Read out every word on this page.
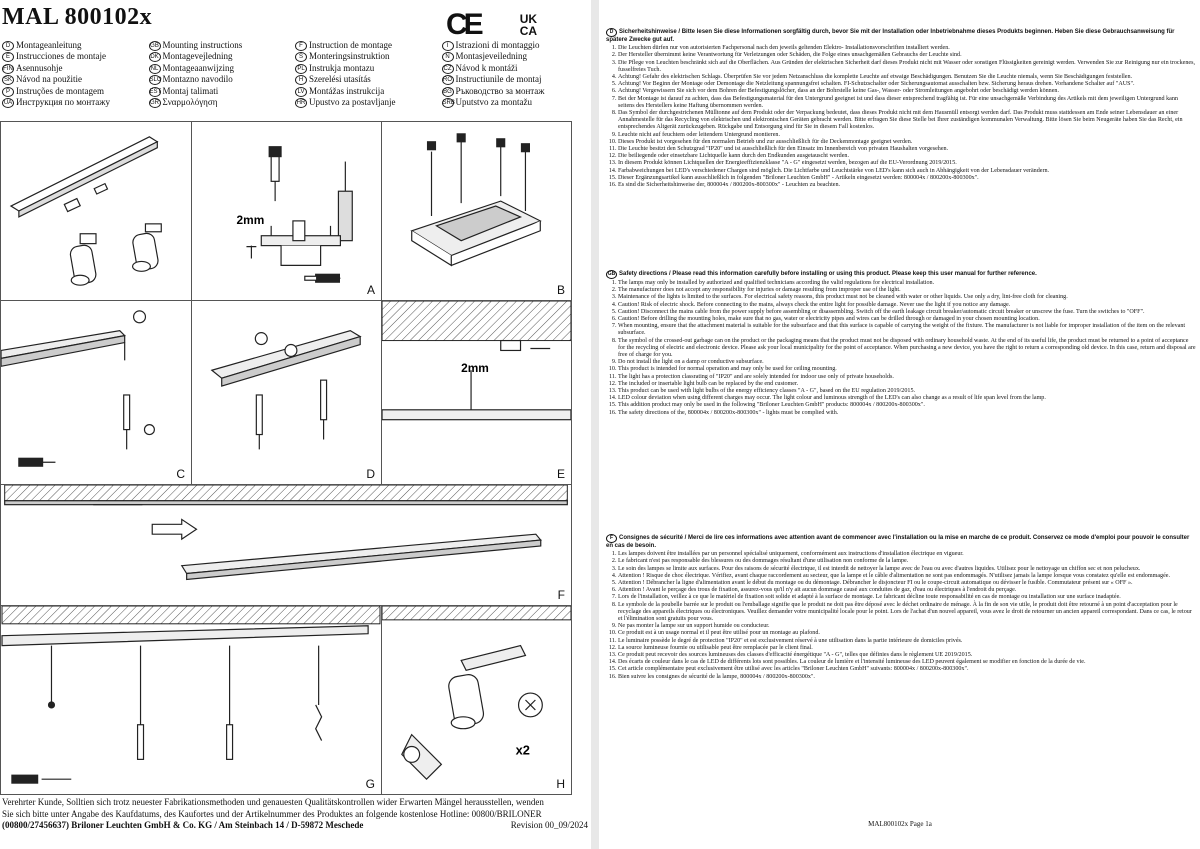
MAL 800102x	CE	UK
CA
D Montageanleitung	GB Mounting instructions	F Instruction de montage	I Istrazioni di montaggio
E Instrucciones de montaje	DK Montagevejledning	S Monteringsinstruktion	N Montasjeveiledning
FIN Asennusohje	NL Montageaanwijzing	PL Instrukja montazu	CZ Návod k montáži
SK Návod na použitie	SLOMontazno navodilo	H Szerelési utasítás	RO Instructiunile de montaj
P Instruções de montagem	ESTMontaj talimati	LV Montážas instrukcija	BG Ръководство за монтаж
UA Инструкция по монтажу	GR Σναρμολόγηση	HR Upustvo za postavljanje	SRBUputstvo za montažu
2mm
A	B
C	D
2mm
E
F
G
x2
H
Verehrter Kunde, Solltien sich trotz neuester Fabrikationsmethoden und genauesten Qualitätskontrollen wider Erwarten Mängel herausstellen, wenden
Sie sich bitte unter Angabe des Kaufdatums, des Kaufortes und der Artikelnummer des Produktes an folgende kostenlose Hotline: 00800/BRILONER
(00800/27456637) Briloner Leuchten GmbH & Co. KG / Am Steinbach 14 / D-59872 Meschede	Revision 00_09/2024
D Sicherheitshinweise / Bitte lesen Sie diese Informationen sorgfältig durch, bevor Sie mit der Installation oder Inbetriebnahme dieses Produkts beginnen. Heben Sie diese Gebrauchsanweisung für spätere Zwecke gut auf.
1. Die Leuchten dürfen nur von autorisierten Fachpersonal nach den jeweils geltenden Elektro- Installationsvorschriften installiert werden.
2. Der Hersteller übernimmt keine Verantwortung für Verletzungen oder Schäden, die Folge eines unsachgemäßen Gebrauchs der Leuchte sind.
3. Die Pflege von Leuchten beschränkt sich auf die Oberflächen. Aus Gründen der elektrischen Sicherheit darf dieses Produkt nicht mit Wasser oder sonstigen Flüssigkeiten gereinigt werden. Verwenden Sie zur Reinigung nur ein trockenes, fusselfreies Tuch.
4. Achtung! Gefahr des elektrischen Schlags. Überprüfen Sie vor jedem Netzanschluss die komplette Leuchte auf etwaige Beschädigungen. Benutzen Sie die Leuchte niemals, wenn Sie Beschädigungen feststellen.
5. Achtung! Vor Beginn der Montage oder Demontage die Netzleitung spannungsfrei schalten. FI-Schutzschalter oder Sicherungsautomat ausschalten bzw. Sicherung heraus drehen. Vorhandene Schalter auf "AUS".
6. Achtung! Vergewissern Sie sich vor dem Bohren der Befestigungslöcher, dass an der Bohrstelle keine Gas-, Wasser- oder Stromleitungen angebohrt oder beschädigt werden können.
7. Bei der Montage ist darauf zu achten, dass das Befestigungsmaterial für den Untergrund geeignet ist und dass dieser entsprechend tragfähig ist. Für eine unsachgemäße Verbindung des Artikels mit dem jeweiligen Untergrund kann seitens des Herstellers keine Haftung übernommen werden.
8. Das Symbol der durchgestrichenen Mülltonne auf dem Produkt oder der Verpackung bedeutet, dass dieses Produkt nicht mit dem Hausmüll entsorgt werden darf. Das Produkt muss stattdessen am Ende seiner Lebensdauer an einer Annahmestelle für das Recycling von elektrischen und elektronischen Geräten gebracht werden. Bitte erfragen Sie diese Stelle bei Ihrer zuständigen kommunalen Verwaltung. Bitte lösen Sie beim Neugeräte haben Sie das Recht, ein entsprechendes Altgerät zurückzugeben. Rückgabe und Entsorgung sind für Sie in diesem Fall kostenlos.
9. Leuchte nicht auf feuchtem oder leitendem Untergrund montieren.
10. Dieses Produkt ist vorgesehen für den normalen Betrieb und zur ausschließlich für die Deckenmontage geeignet werden.
11. Die Leuchte besitzt den Schutzgrad "IP20" und ist ausschließlich für den Einsatz im Innenbereich von privaten Haushalten vorgesehen.
12. Die beiliegende oder einsetzbare Lichtquelle kann durch den Endkunden ausgetauscht werden.
13. In diesem Produkt können Lichtquellen der Energieeffizienzklasse "A - G" eingesetzt werden, bezogen auf die EU-Verordnung 2019/2015.
14. Farbabweichungen bei LED's verschiedener Chargen sind möglich. Die Lichtfarbe und Leuchtstärke von LED's kann sich auch in Abhängigkeit von der Lebensdauer verändern.
15. Dieser Ergänzungsartikel kann ausschließlich in folgenden "Briloner Leuchten GmbH" - Artikeln eingesetzt werden: 800004x / 800200x-800300x".
16. Es sind die Sicherheitshinweise der, 800004x / 800200x-800300x" - Leuchten zu beachten.
GB Safety directions / Please read this information carefully before installing or using this product. Please keep this user manual for further reference.
1. The lamps may only be installed by authorized and qualified technicians according the valid regulations for electrical installation.
2. The manufacturer does not accept any responsibility for injuries or damage resulting from improper use of the light.
3. Maintenance of the lights is limited to the surfaces. For electrical safety reasons, this product must not be cleaned with water or other liquids. Use only a dry, lint-free cloth for cleaning.
4. Caution! Risk of electric shock. Before connecting to the mains, always check the entire light for possible damage. Never use the light if you notice any damage.
5. Caution! Disconnect the mains cable from the power supply before assembling or disassembling. Switch off the earth leakage circuit breaker/automatic circuit breaker or unscrew the fuse. Turn the switches to "OFF".
6. Caution! Before drilling the mounting holes, make sure that no gas, water or electricity pipes and wires can be drilled through or damaged in your chosen mounting location.
7. When mounting, ensure that the attachment material is suitable for the subsurface and that this surface is capable of carrying the weight of the fixture. The manufacturer is not liable for improper installation of the item on the relevant subsurface.
8. The symbol of the crossed-out garbage can on the product or the packaging means that the product must not be disposed with ordinary household waste. At the end of its useful life, the product must be returned to a point of acceptance for the recycling of electric and electronic device. Please ask your local municipality for the point of acceptance. When purchasing a new device, you have the right to return a corresponding old device. In this case, return and disposal are free of charge for you.
9. Do not install the light on a damp or conductive subsurface.
10. This product is intended for normal operation and may only be used for ceiling mounting.
11. The light has a protection classrating of "IP20" and are solely intended for indoor use only of private households.
12. The included or insertable light bulb can be replaced by the end customer.
13. This product can be used with light bulbs of the energy efficiency classes "A - G", based on the EU regulation 2019/2015.
14. LED colour deviation when using different charges may occur. The light colour and luminous strength of the LED's can also change as a result of life span level from the lamp.
15. This addition product may only be used in the following "Briloner Leuchten GmbH" products: 800004x / 800200x-800300x".
16. The safety directions of the, 800004x / 800200x-800300x" - lights must be complied with.
F Consignes de sécurité / Merci de lire ces informations avec attention avant de commencer avec l'installation ou la mise en marche de ce produit. Conservez ce mode d'emploi pour pouvoir le consulter en cas de besoin.
1. Les lampes doivent être installées par un personnel spécialisé uniquement, conformément aux instructions d'installation électrique en vigueur.
2. Le fabricant n'est pas responsable des blessures ou des dommages résultant d'une utilisation non conforme de la lampe.
3. Le soin des lampes se limite aux surfaces. Pour des raisons de sécurité électrique, il est interdit de nettoyer la lampe avec de l'eau ou avec d'autres liquides. Utilisez pour le nettoyage un chiffon sec et non pelucheux.
4. Attention ! Risque de choc électrique. Vérifiez, avant chaque raccordement au secteur, que la lampe et le câble d'alimentation ne sont pas endommagés. N'utilisez jamais la lampe lorsque vous constatez qu'elle est endommagée.
5. Attention ! Débrancher la ligne d'alimentation avant le début du montage ou du démontage. Débrancher le disjoncteur FI ou le coupe-circuit automatique ou dévisser le fusible. Commutateur présent sur « OFF ».
6. Attention ! Avant le perçage des trous de fixation, assurez-vous qu'il n'y ait aucun dommage causé aux conduites de gaz, d'eau ou électriques à l'endroit du perçage.
7. Lors de l'installation, veillez à ce que le matériel de fixation soit solide et adapté à la surface de montage. Le fabricant décline toute responsabilité en cas de montage ou installation sur une surface inadaptée.
8. Le symbole de la poubelle barrée sur le produit ou l'emballage signifie que le produit ne doit pas être déposé avec le déchet ordinaire de ménage. À la fin de son vie utile, le produit doit être retourné à un point d'acceptation pour le recyclage des appareils électriques ou électroniques. Veuillez demander votre municipalité locale pour le point. Lors de l'achat d'un nouvel appareil, vous avez le droit de retourner un ancien appareil correspondant. Dans ce cas, le retour et l'élimination sont gratuits pour vous.
9. Ne pas monter la lampe sur un support humide ou conducteur.
10. Ce produit est à un usage normal et il peut être utilisé pour un montage au plafond.
11. Le luminaire possède le degré de protection "IP20" et est exclusivement réservé à une utilisation dans la partie intérieure de domiciles privés.
12. La source lumineuse fournie ou utilisable peut être remplacée par le client final.
13. Ce produit peut recevoir des sources lumineuses des classes d'efficacité énergétique "A - G", telles que définies dans le règlement UE 2019/2015.
14. Des écarts de couleur dans le cas de LED de différents lots sont possibles. La couleur de lumière et l'intensité lumineuse des LED peuvent également se modifier en fonction de la durée de vie.
15. Cet article complémentaire peut exclusivement être utilisé avec les articles "Briloner Leuchten GmbH" suivants: 800004x / 800200x-800300x".
16. Bien suivre les consignes de sécurité de la lampe, 800004x / 800200x-800300x".
MAL800102x Page 1a
